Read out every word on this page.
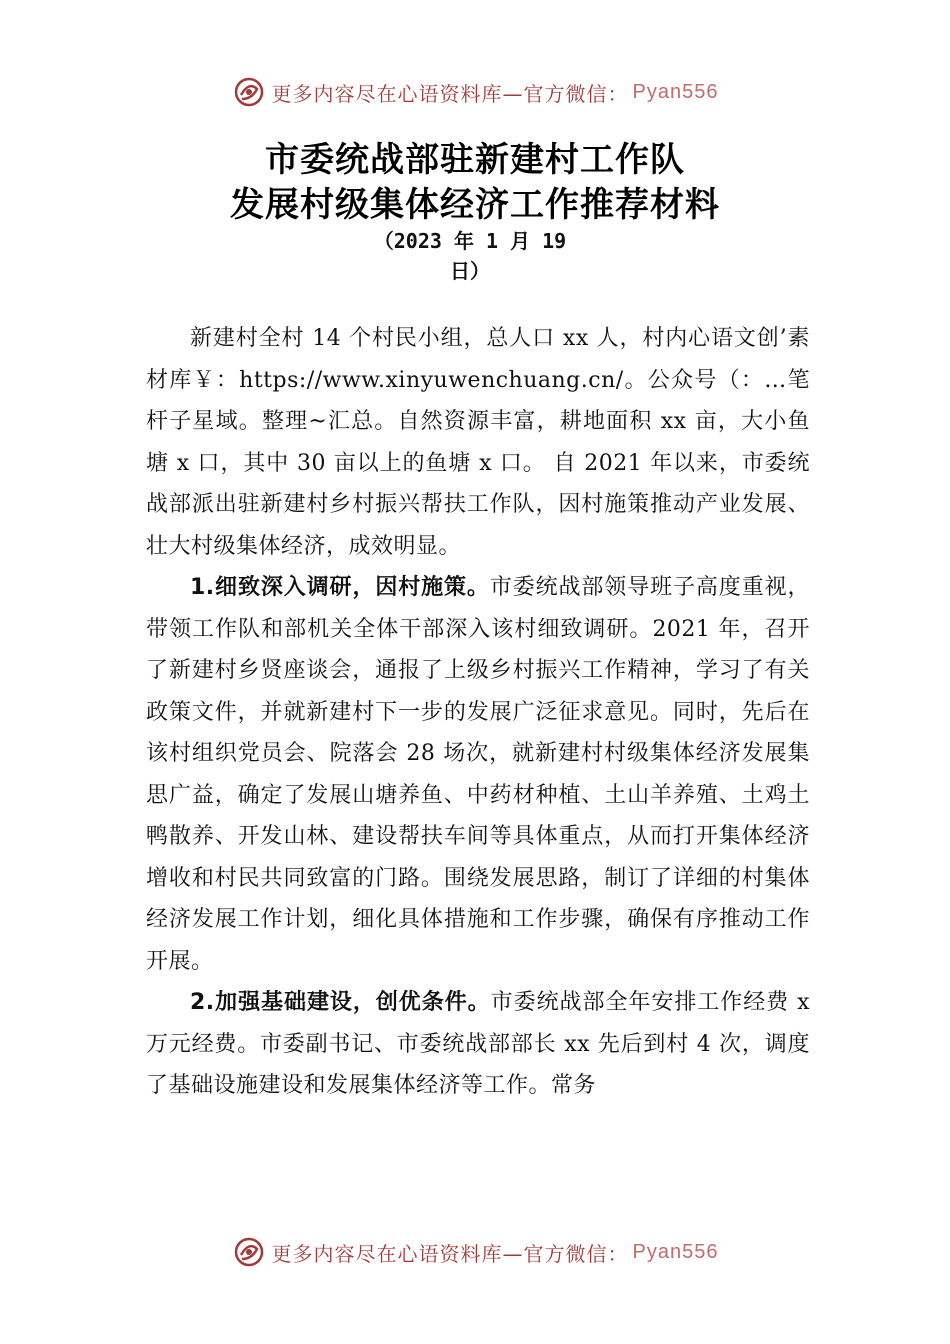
更多内容尽在心语资料库—官方微信： Pyan556
市委统战部驻新建村工作队
发展村级集体经济工作推荐材料
（2023 年 1 月 19
日）

新建村全村 14 个村民小组，总人口 xx 人，村内心语文创’素材库￥：https://www.xinyuwenchuang.cn/。公众号（：…笔杆子星域。整理~汇总。自然资源丰富，耕地面积 xx 亩，大小鱼塘 x 口，其中 30 亩以上的鱼塘 x 口。 自 2021 年以来，市委统战部派出驻新建村乡村振兴帮扶工作队，因村施策推动产业发展、壮大村级集体经济，成效明显。

1.细致深入调研，因村施策。市委统战部领导班子高度重视，带领工作队和部机关全体干部深入该村细致调研。2021 年，召开了新建村乡贤座谈会，通报了上级乡村振兴工作精神，学习了有关政策文件，并就新建村下一步的发展广泛征求意见。同时，先后在该村组织党员会、院落会 28 场次，就新建村村级集体经济发展集思广益，确定了发展山塘养鱼、中药材种植、土山羊养殖、土鸡土鸭散养、开发山林、建设帮扶车间等具体重点，从而打开集体经济增收和村民共同致富的门路。围绕发展思路，制订了详细的村集体经济发展工作计划，细化具体措施和工作步骤，确保有序推动工作开展。

2.加强基础建设，创优条件。市委统战部全年安排工作经费 x 万元经费。市委副书记、市委统战部部长 xx 先后到村 4 次，调度了基础设施建设和发展集体经济等工作。常务

更多内容尽在心语资料库—官方微信： Pyan556
